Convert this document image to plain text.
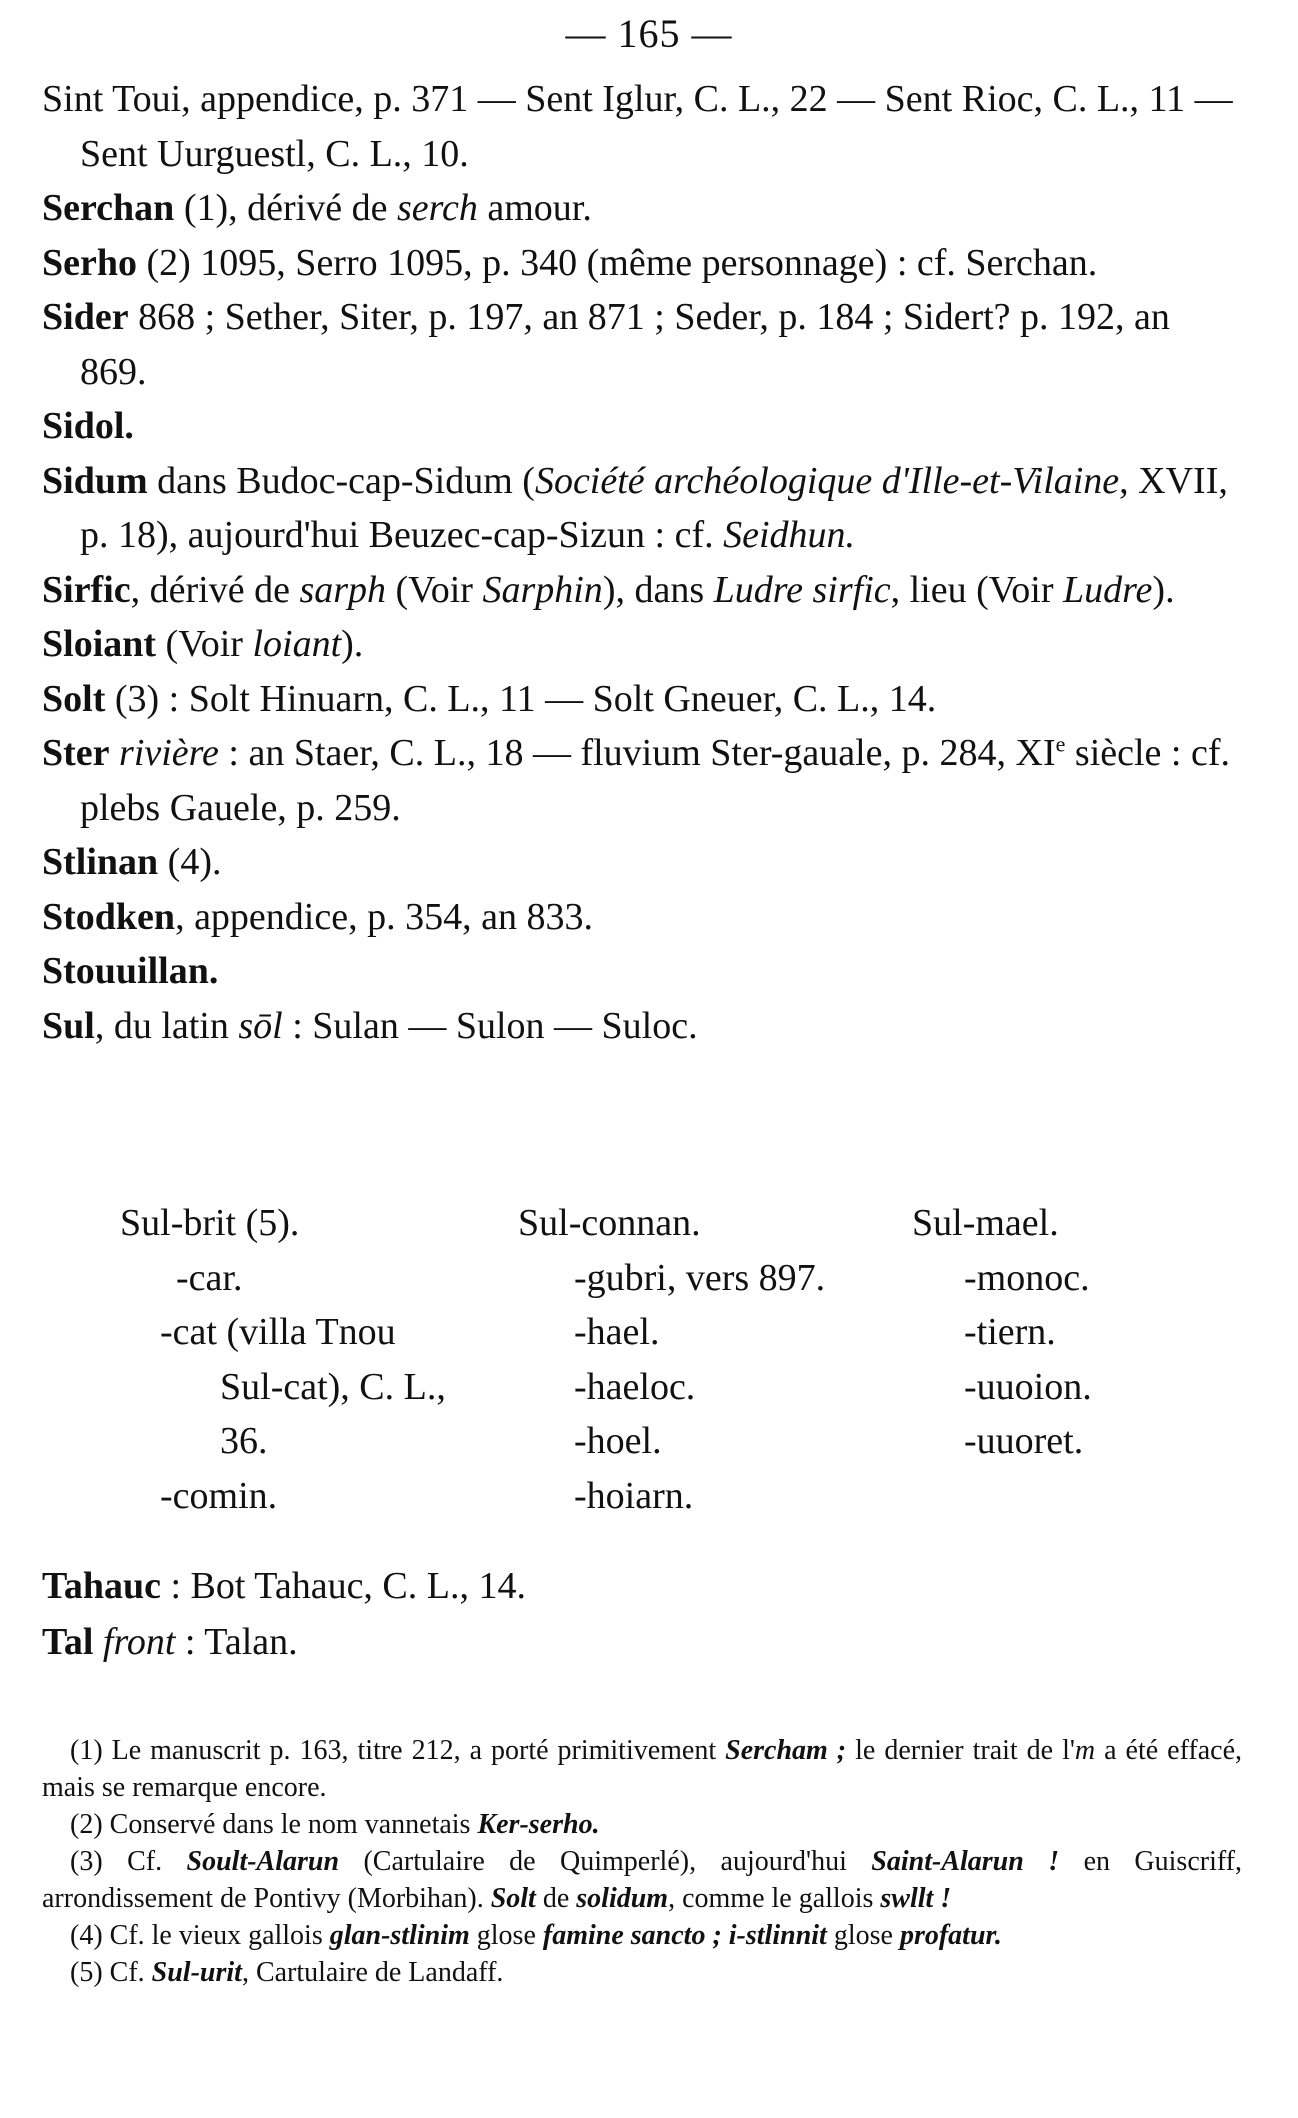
— 165 —

Sint Toui, appendice, p. 371 — Sent Iglur, C. L., 22 — Sent Rioc, C. L., 11 — Sent Uurguestl, C. L., 10.

Serchan (1), dérivé de serch amour.

Serho (2) 1095, Serro 1095, p. 340 (même personnage) : cf. Serchan.

Sider 868 ; Sether, Siter, p. 197, an 871 ; Seder, p. 184 ; Sidert? p. 192, an 869.

Sidol.

Sidum dans Budoc-cap-Sidum (Société archéologique d'Ille-et-Vilaine, XVII, p. 18), aujourd'hui Beuzec-cap-Sizun : cf. Seidhun.

Sirfic, dérivé de sarph (Voir Sarphin), dans Ludre sirfic, lieu (Voir Ludre).

Sloiant (Voir loiant).

Solt (3) : Solt Hinuarn, C. L., 11 — Solt Gneuer, C. L., 14.

Ster rivière : an Staer, C. L., 18 — fluvium Ster-gauale, p. 284, XIe siècle : cf. plebs Gauele, p. 259.

Stlinan (4).

Stodken, appendice, p. 354, an 833.

Stouuillan.

Sul, du latin sōl : Sulan — Sulon — Suloc.

Sul-brit (5).
-car.
-cat (villa Tnou
Sul-cat), C. L.,
36.
-comin.
Sul-connan.
-gubri, vers 897.
-hael.
-haeloc.
-hoel.
-hoiarn.
Sul-mael.
-monoc.
-tiern.
-uuoion.
-uuoret.

Tahauc : Bot Tahauc, C. L., 14.

Tal front : Talan.

(1) Le manuscrit p. 163, titre 212, a porté primitivement Sercham ; le dernier trait de l'm a été effacé, mais se remarque encore.
(2) Conservé dans le nom vannetais Ker-serho.
(3) Cf. Soult-Alarun (Cartulaire de Quimperlé), aujourd'hui Saint-Alarun ! en Guiscriff, arrondissement de Pontivy (Morbihan). Solt de solidum, comme le gallois swllt !
(4) Cf. le vieux gallois glan-stlinim glose famine sancto ; i-stlinnit glose profatur.
(5) Cf. Sul-urit, Cartulaire de Landaff.
